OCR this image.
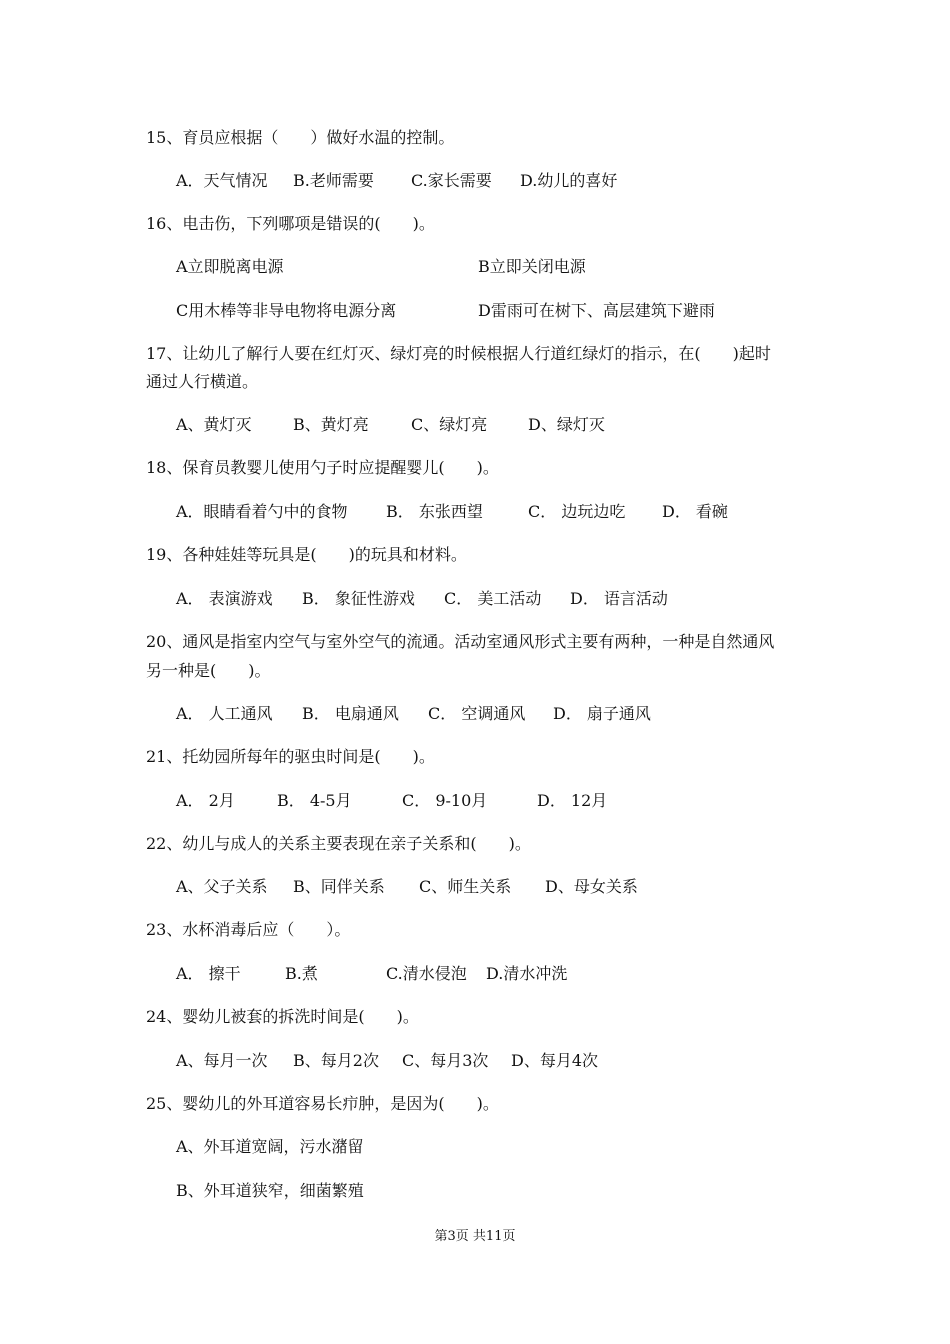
15、育员应根据（　　）做好水温的控制。
A．天气情况 B.老师需要 C.家长需要 D.幼儿的喜好
16、电击伤，下列哪项是错误的(　　)。
A立即脱离电源	B立即关闭电源
C用木棒等非导电物将电源分离	D雷雨可在树下、高层建筑下避雨
17、让幼儿了解行人要在红灯灭、绿灯亮的时候根据人行道红绿灯的指示，在(　　)起时
通过人行横道。
A、黄灯灭	B、黄灯亮	C、绿灯亮	D、绿灯灭
18、保育员教婴儿使用勺子时应提醒婴儿(　　)。
A．眼睛看着勺中的食物 B． 东张西望	C． 边玩边吃 D． 看碗
19、各种娃娃等玩具是(　　)的玩具和材料。
A． 表演游戏 B． 象征性游戏 C． 美工活动 D． 语言活动
20、通风是指室内空气与室外空气的流通。活动室通风形式主要有两种，一种是自然通风
另一种是(　　)。
A． 人工通风 B． 电扇通风 C． 空调通风 D． 扇子通风
21、托幼园所每年的驱虫时间是(　　)。
A． 2月	B． 4-5月	C． 9-10月	D． 12月
22、幼儿与成人的关系主要表现在亲子关系和(　　)。
A、父子关系 B、同伴关系 C、师生关系 D、母女关系
23、水杯消毒后应（　　）。
A． 擦干	B.煮	C.清水侵泡 D.清水冲洗
24、婴幼儿被套的拆洗时间是(　　)。
A、每月一次 B、每月2次 C、每月3次 D、每月4次
25、婴幼儿的外耳道容易长疖肿，是因为(　　)。
A、外耳道宽阔，污水潴留
B、外耳道狭窄，细菌繁殖
第3页 共11页
